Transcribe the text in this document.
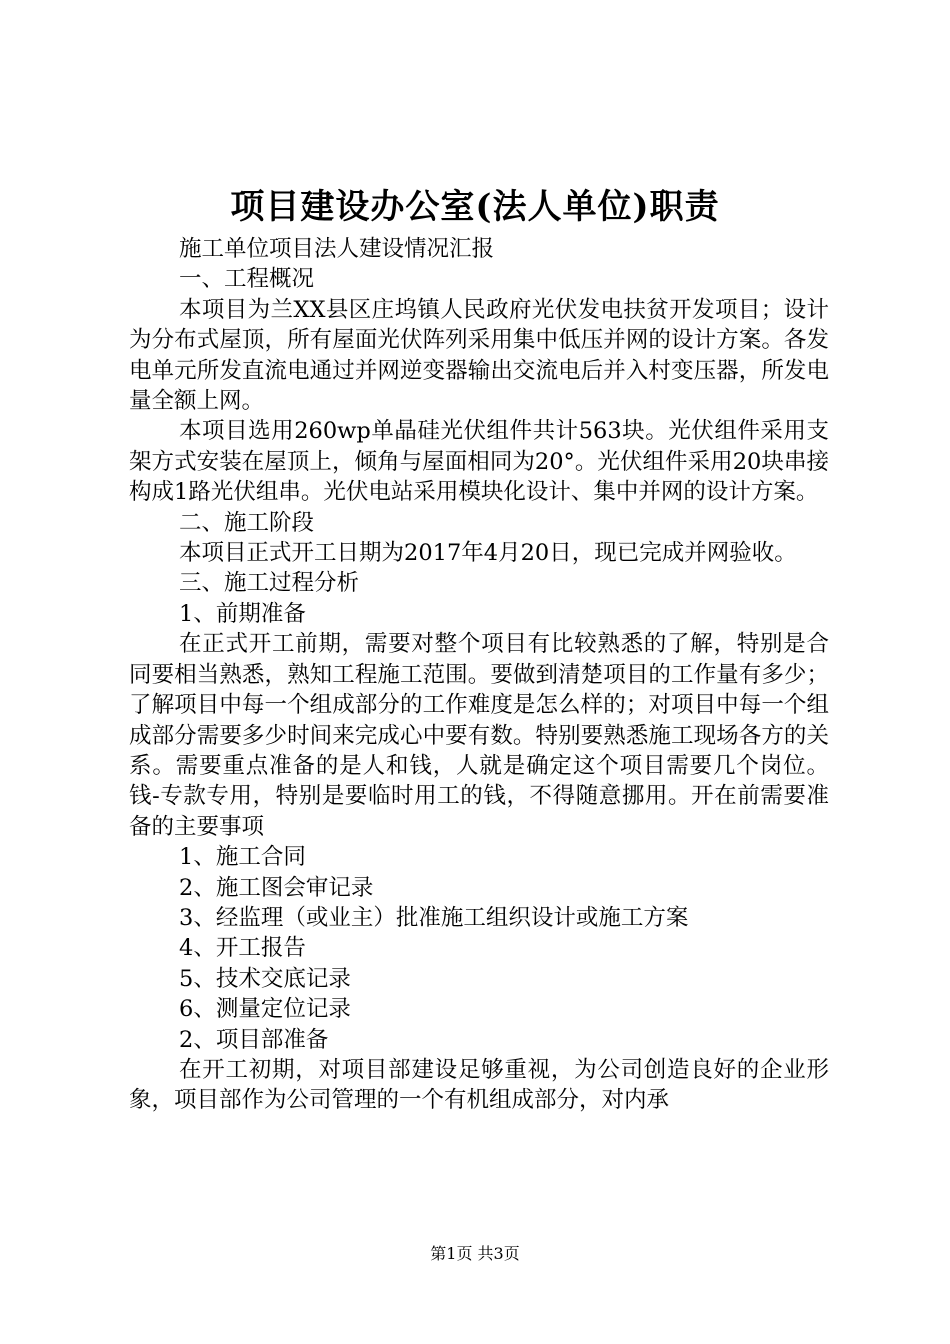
项目建设办公室(法人单位)职责

施工单位项目法人建设情况汇报

一、工程概况

本项目为兰XX县区庄坞镇人民政府光伏发电扶贫开发项目；设计为分布式屋顶，所有屋面光伏阵列采用集中低压并网的设计方案。各发电单元所发直流电通过并网逆变器输出交流电后并入村变压器，所发电量全额上网。

本项目选用260wp单晶硅光伏组件共计563块。光伏组件采用支架方式安装在屋顶上，倾角与屋面相同为20°。光伏组件采用20块串接构成1路光伏组串。光伏电站采用模块化设计、集中并网的设计方案。

二、施工阶段

本项目正式开工日期为2017年4月20日，现已完成并网验收。

三、施工过程分析

1、前期准备

在正式开工前期，需要对整个项目有比较熟悉的了解，特别是合同要相当熟悉，熟知工程施工范围。要做到清楚项目的工作量有多少；了解项目中每一个组成部分的工作难度是怎么样的；对项目中每一个组成部分需要多少时间来完成心中要有数。特别要熟悉施工现场各方的关系。需要重点准备的是人和钱，人就是确定这个项目需要几个岗位。钱-专款专用，特别是要临时用工的钱，不得随意挪用。开在前需要准备的主要事项

1、施工合同

2、施工图会审记录

3、经监理（或业主）批准施工组织设计或施工方案

4、开工报告

5、技术交底记录

6、测量定位记录

2、项目部准备

在开工初期，对项目部建设足够重视，为公司创造良好的企业形象，项目部作为公司管理的一个有机组成部分，对内承

第1页 共3页
